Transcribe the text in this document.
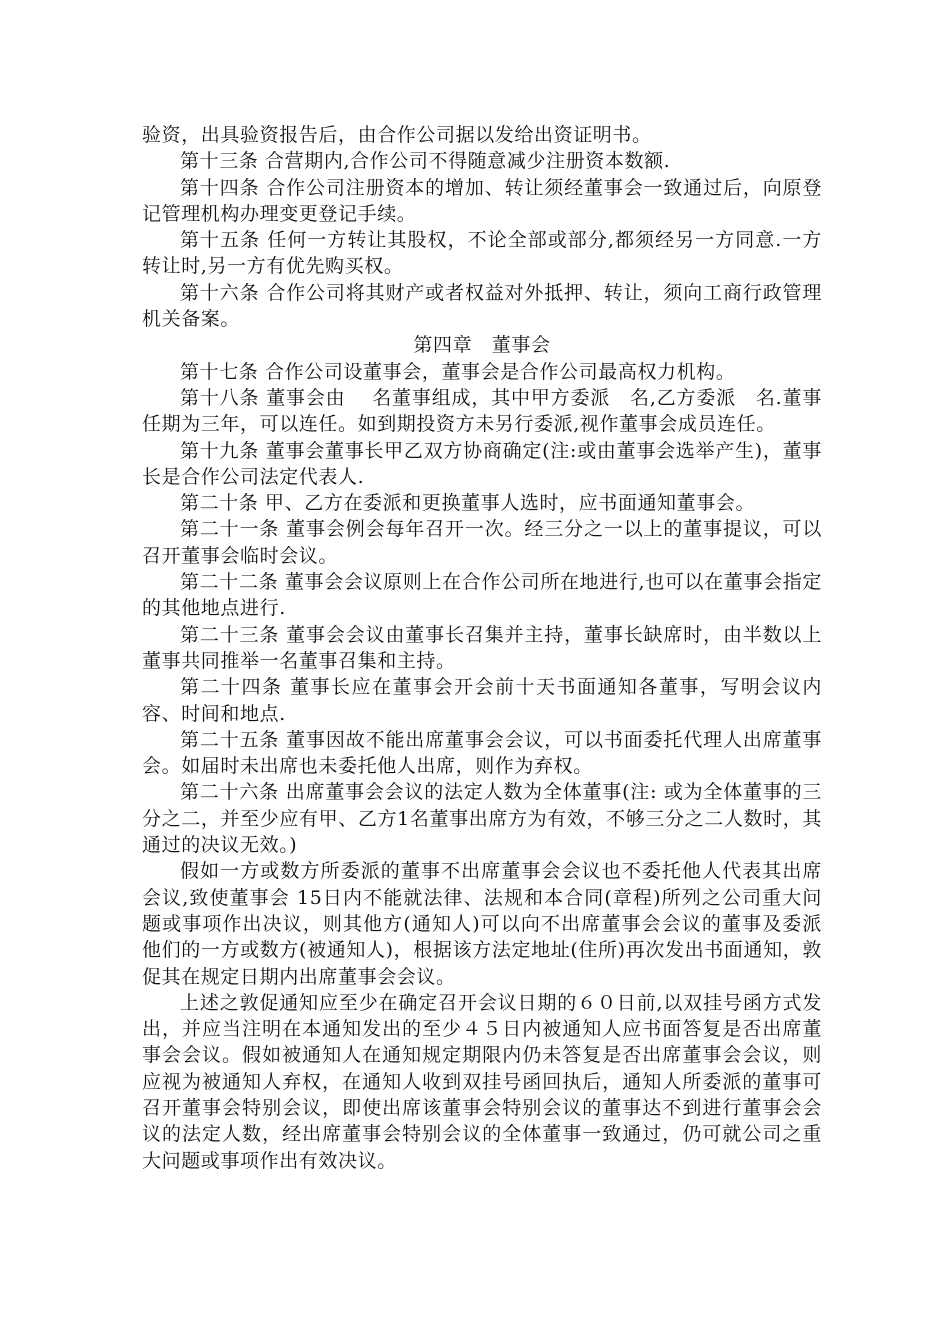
验资，出具验资报告后，由合作公司据以发给出资证明书。

第十三条 合营期内,合作公司不得随意减少注册资本数额.

第十四条 合作公司注册资本的增加、转让须经董事会一致通过后，向原登记管理机构办理变更登记手续。

第十五条 任何一方转让其股权，不论全部或部分,都须经另一方同意.一方转让时,另一方有优先购买权。

第十六条 合作公司将其财产或者权益对外抵押、转让，须向工商行政管理机关备案。

第四章　董事会

第十七条 合作公司设董事会，董事会是合作公司最高权力机构。

第十八条 董事会由　 名董事组成，其中甲方委派　名,乙方委派　名.董事任期为三年，可以连任。如到期投资方未另行委派,视作董事会成员连任。

第十九条 董事会董事长甲乙双方协商确定(注:或由董事会选举产生)，董事长是合作公司法定代表人.

第二十条 甲、乙方在委派和更换董事人选时，应书面通知董事会。

第二十一条 董事会例会每年召开一次。经三分之一以上的董事提议，可以召开董事会临时会议。

第二十二条 董事会会议原则上在合作公司所在地进行,也可以在董事会指定的其他地点进行.

第二十三条 董事会会议由董事长召集并主持，董事长缺席时，由半数以上董事共同推举一名董事召集和主持。

第二十四条 董事长应在董事会开会前十天书面通知各董事，写明会议内容、时间和地点.

第二十五条 董事因故不能出席董事会会议，可以书面委托代理人出席董事会。如届时未出席也未委托他人出席，则作为弃权。

第二十六条 出席董事会会议的法定人数为全体董事(注: 或为全体董事的三分之二，并至少应有甲、乙方1名董事出席方为有效，不够三分之二人数时，其通过的决议无效。)

假如一方或数方所委派的董事不出席董事会会议也不委托他人代表其出席会议,致使董事会 15日内不能就法律、法规和本合同(章程)所列之公司重大问题或事项作出决议，则其他方(通知人)可以向不出席董事会会议的董事及委派他们的一方或数方(被通知人)，根据该方法定地址(住所)再次发出书面通知，敦促其在规定日期内出席董事会会议。

上述之敦促通知应至少在确定召开会议日期的６０日前,以双挂号函方式发出，并应当注明在本通知发出的至少４５日内被通知人应书面答复是否出席董事会会议。假如被通知人在通知规定期限内仍未答复是否出席董事会会议，则应视为被通知人弃权，在通知人收到双挂号函回执后，通知人所委派的董事可召开董事会特别会议，即使出席该董事会特别会议的董事达不到进行董事会会议的法定人数，经出席董事会特别会议的全体董事一致通过，仍可就公司之重大问题或事项作出有效决议。
